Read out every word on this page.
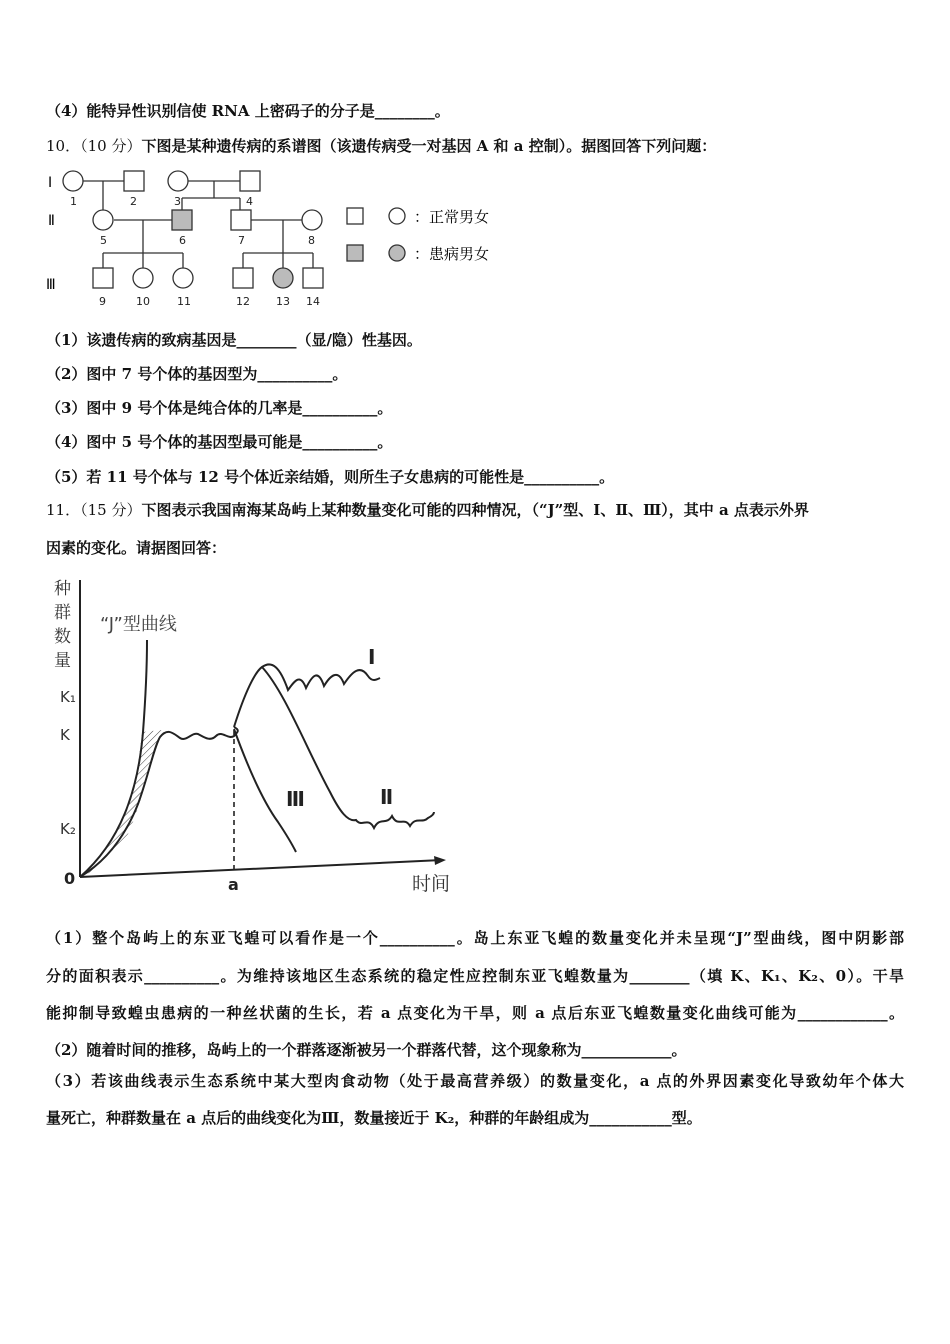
（4）能特异性识别信使 RNA 上密码子的分子是________。
10．（10 分）下图是某种遗传病的系谱图（该遗传病受一对基因 A 和 a 控制）。据图回答下列问题：
Ⅰ
Ⅱ
Ⅲ
1	2	3	4
5	6	7	8
9	10 11	12 13 14
：正常男女
：患病男女
（1）该遗传病的致病基因是________（显/隐）性基因。
（2）图中 7 号个体的基因型为__________。
（3）图中 9 号个体是纯合体的几率是__________。
（4）图中 5 号个体的基因型最可能是__________。
（5）若 11 号个体与 12 号个体近亲结婚，则所生子女患病的可能性是__________。
11．（15 分）下图表示我国南海某岛屿上某种数量变化可能的四种情况，（“J”型、Ⅰ、Ⅱ、Ⅲ），其中 a 点表示外界
因素的变化。请据图回答：
种
群
数
量
K₁
K
K₂
0	a	时间
“J”型曲线
Ⅰ
Ⅱ
Ⅲ
（1）整个岛屿上的东亚飞蝗可以看作是一个__________。岛上东亚飞蝗的数量变化并未呈现“J”型曲线，图中阴影部
分的面积表示__________。为维持该地区生态系统的稳定性应控制东亚飞蝗数量为________（填 K、K₁、K₂、0）。干旱
能抑制导致蝗虫患病的一种丝状菌的生长，若 a 点变化为干旱，则 a 点后东亚飞蝗数量变化曲线可能为____________。
（2）随着时间的推移，岛屿上的一个群落逐渐被另一个群落代替，这个现象称为____________。
（3）若该曲线表示生态系统中某大型肉食动物（处于最高营养级）的数量变化，a 点的外界因素变化导致幼年个体大
量死亡，种群数量在 a 点后的曲线变化为Ⅲ，数量接近于 K₂，种群的年龄组成为___________型。
